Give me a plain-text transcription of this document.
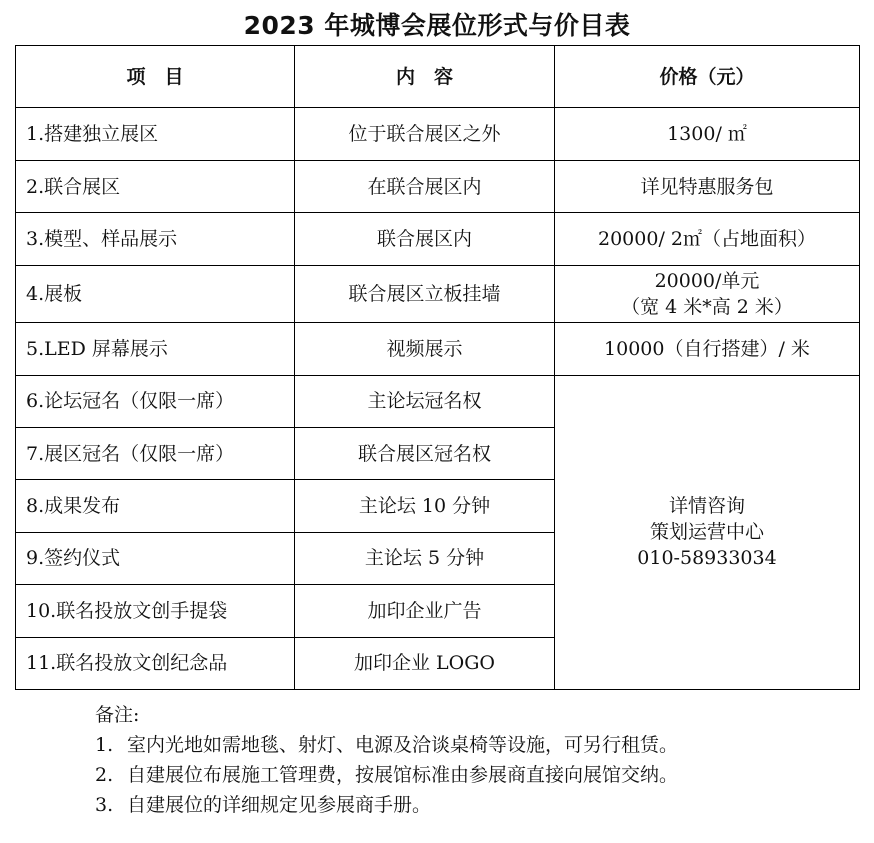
2023 年城博会展位形式与价目表
项　目	内　容	价格（元）
1.搭建独立展区	位于联合展区之外	1300/ ㎡
2.联合展区	在联合展区内	详见特惠服务包
3.模型、样品展示	联合展区内	20000/ 2㎡（占地面积）
4.展板	联合展区立板挂墙	20000/单元
（宽 4 米*高 2 米）
5.LED 屏幕展示	视频展示	10000（自行搭建）/ 米
6.论坛冠名（仅限一席）	主论坛冠名权	详情咨询
策划运营中心
010-58933034
7.展区冠名（仅限一席）	联合展区冠名权	
8.成果发布	主论坛 10 分钟	
9.签约仪式	主论坛 5 分钟	
10.联名投放文创手提袋	加印企业广告	
11.联名投放文创纪念品	加印企业 LOGO	
备注:
1. 室内光地如需地毯、射灯、电源及洽谈桌椅等设施，可另行租赁。
2. 自建展位布展施工管理费，按展馆标准由参展商直接向展馆交纳。
3. 自建展位的详细规定见参展商手册。
